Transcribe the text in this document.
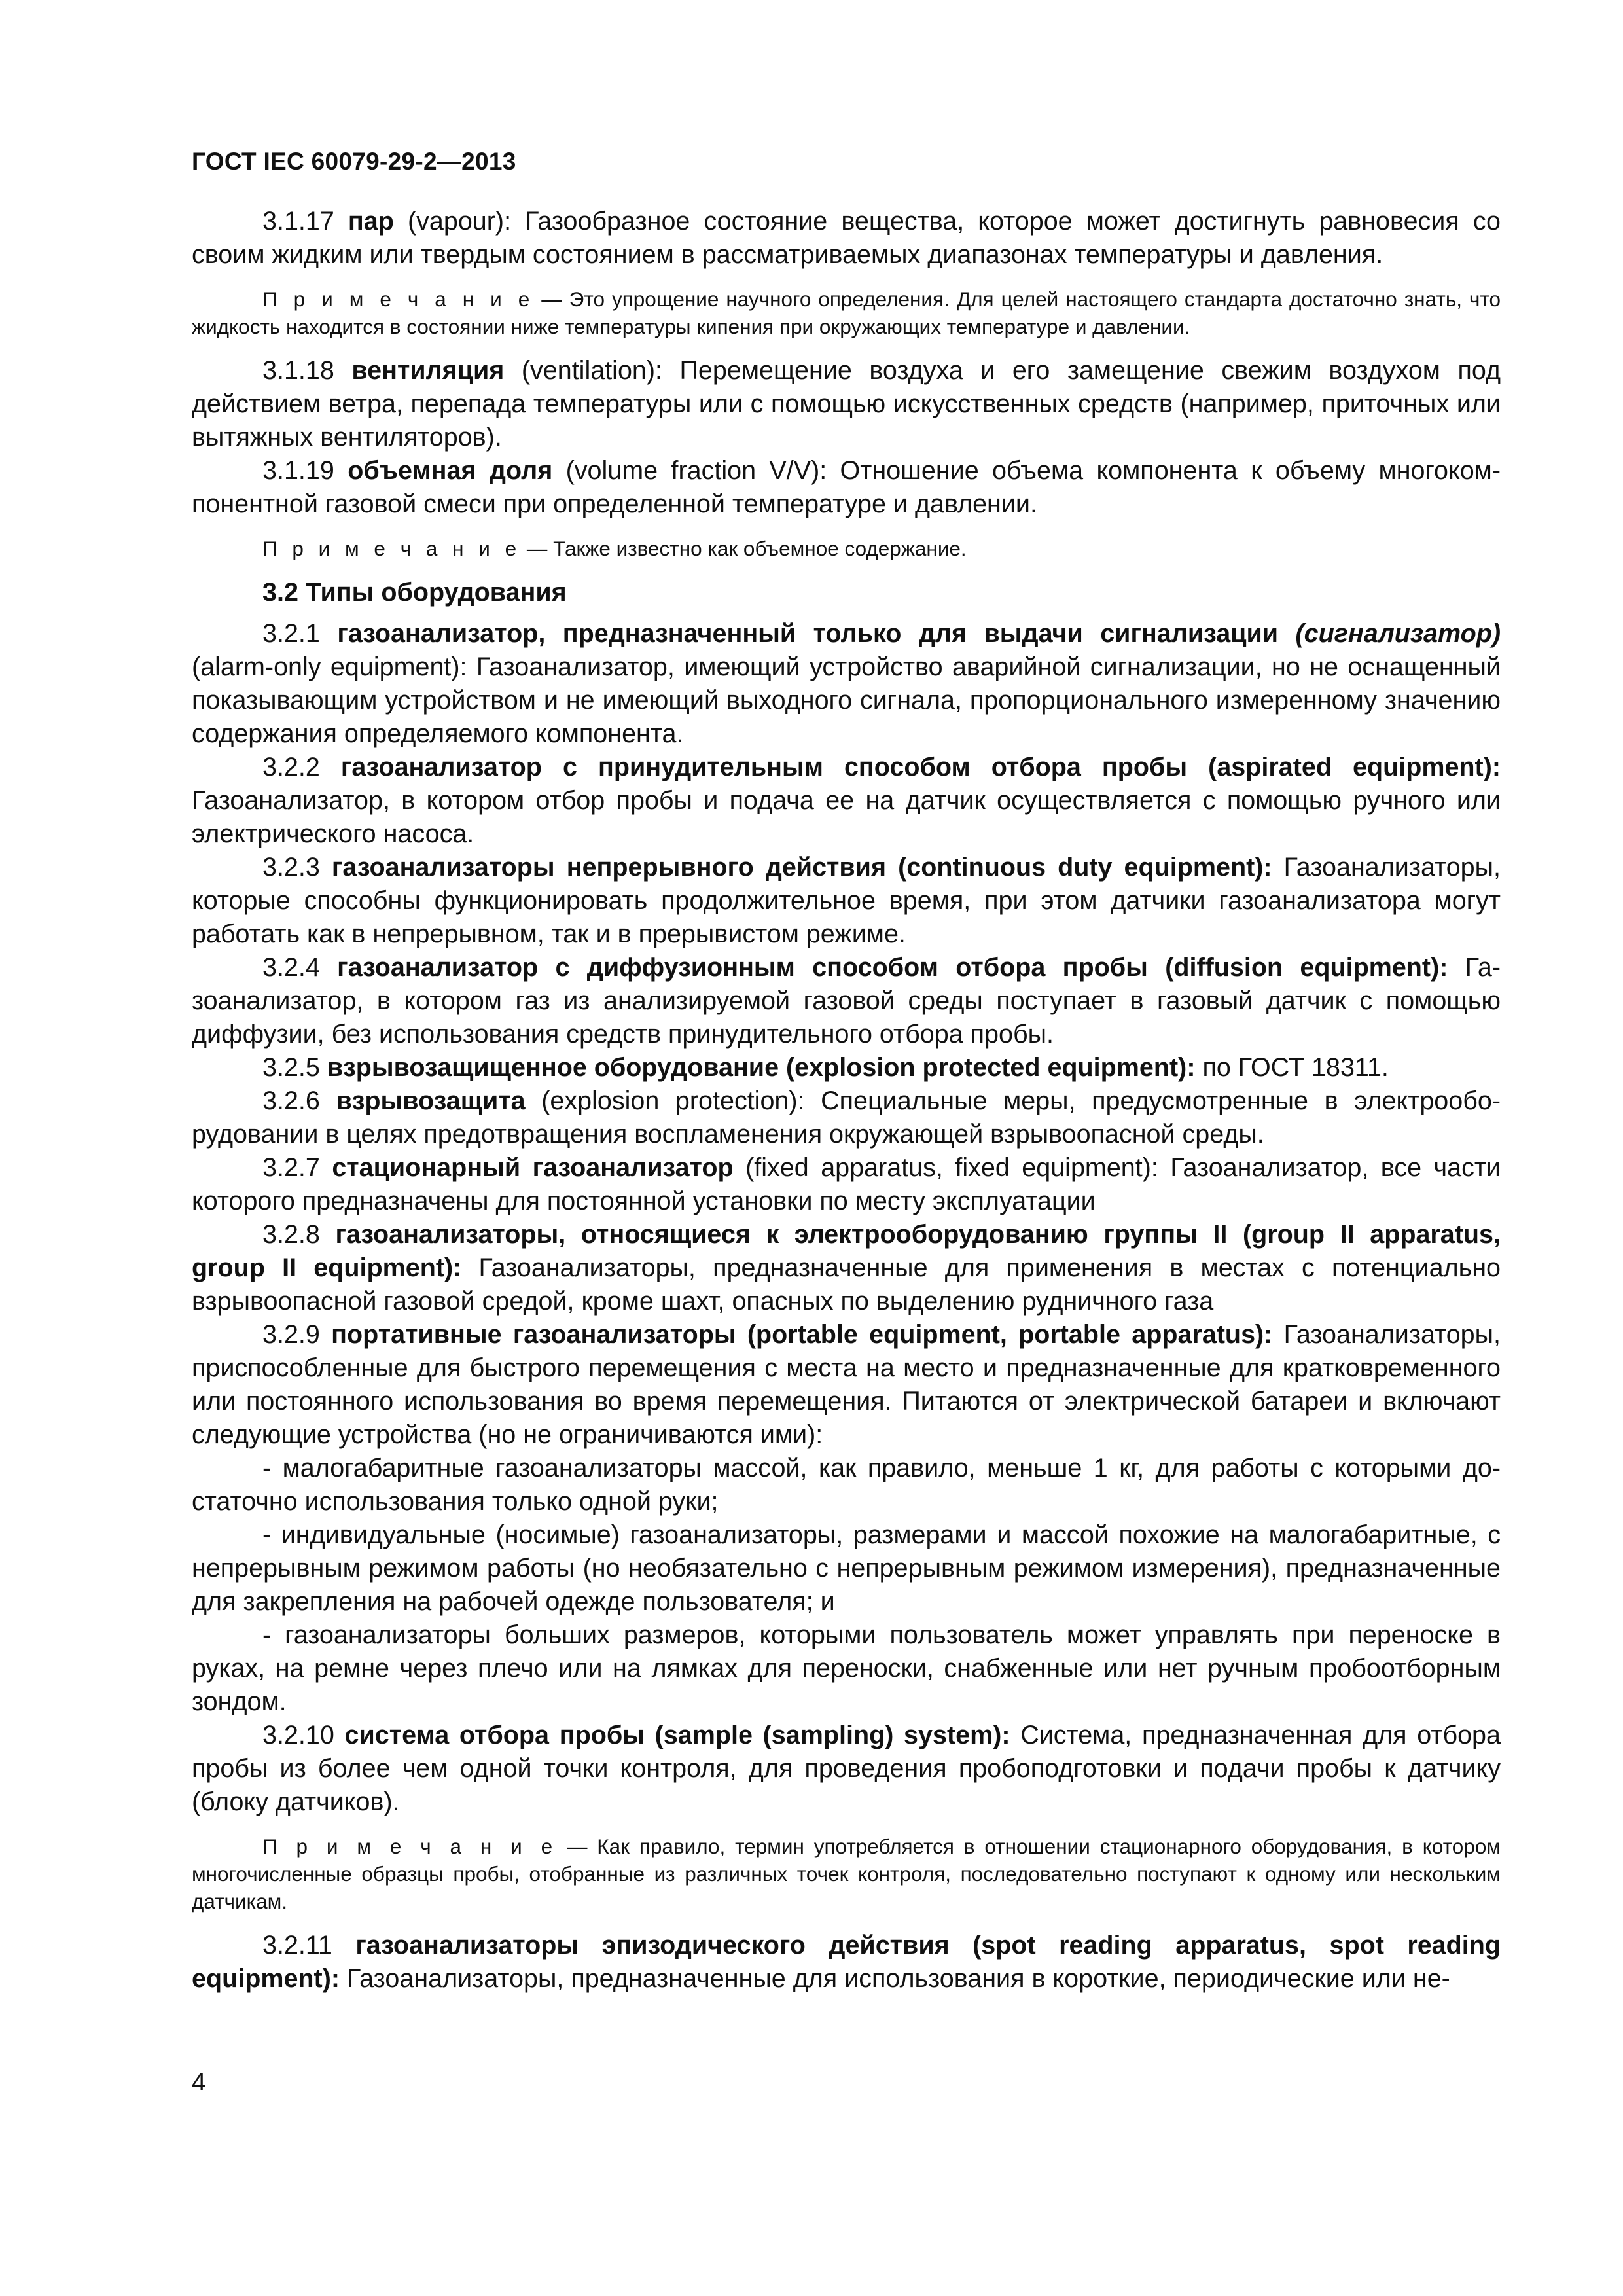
ГОСТ IEC 60079-29-2—2013

3.1.17 пар (vapour): Газообразное состояние вещества, которое может достигнуть равновесия со своим жидким или твердым состоянием в рассматриваемых диапазонах температуры и давления.

П р и м е ч а н и е — Это упрощение научного определения. Для целей настоящего стандарта достаточно знать, что жидкость находится в состоянии ниже температуры кипения при окружающих температуре и давлении.

3.1.18 вентиляция (ventilation): Перемещение воздуха и его замещение свежим воздухом под действием ветра, перепада температуры или с помощью искусственных средств (например, приточных или вытяжных вентиляторов).

3.1.19 объемная доля (volume fraction V/V): Отношение объема компонента к объему многокомпонентной газовой смеси при определенной температуре и давлении.

П р и м е ч а н и е — Также известно как объемное содержание.

3.2 Типы оборудования

3.2.1 газоанализатор, предназначенный только для выдачи сигнализации (сигнализатор) (alarm-only equipment): Газоанализатор, имеющий устройство аварийной сигнализации, но не оснащенный показывающим устройством и не имеющий выходного сигнала, пропорционального измеренному значению содержания определяемого компонента.

3.2.2 газоанализатор с принудительным способом отбора пробы (aspirated equipment): Газоанализатор, в котором отбор пробы и подача ее на датчик осуществляется с помощью ручного или электрического насоса.

3.2.3 газоанализаторы непрерывного действия (continuous duty equipment): Газоанализаторы, которые способны функционировать продолжительное время, при этом датчики газоанализатора могут работать как в непрерывном, так и в прерывистом режиме.

3.2.4 газоанализатор с диффузионным способом отбора пробы (diffusion equipment): Газоанализатор, в котором газ из анализируемой газовой среды поступает в газовый датчик с помощью диффузии, без использования средств принудительного отбора пробы.

3.2.5 взрывозащищенное оборудование (explosion protected equipment): по ГОСТ 18311.

3.2.6 взрывозащита (explosion protection): Специальные меры, предусмотренные в электрооборудовании в целях предотвращения воспламенения окружающей взрывоопасной среды.

3.2.7 стационарный газоанализатор (fixed apparatus, fixed equipment): Газоанализатор, все части которого предназначены для постоянной установки по месту эксплуатации

3.2.8 газоанализаторы, относящиеся к электрооборудованию группы II (group II apparatus, group II equipment): Газоанализаторы, предназначенные для применения в местах с потенциально взрывоопасной газовой средой, кроме шахт, опасных по выделению рудничного газа

3.2.9 портативные газоанализаторы (portable equipment, portable apparatus): Газоанализаторы, приспособленные для быстрого перемещения с места на место и предназначенные для кратковременного или постоянного использования во время перемещения. Питаются от электрической батареи и включают следующие устройства (но не ограничиваются ими):

- малогабаритные газоанализаторы массой, как правило, меньше 1 кг, для работы с которыми достаточно использования только одной руки;

- индивидуальные (носимые) газоанализаторы, размерами и массой похожие на малогабаритные, с непрерывным режимом работы (но необязательно с непрерывным режимом измерения), предназначенные для закрепления на рабочей одежде пользователя; и

- газоанализаторы больших размеров, которыми пользователь может управлять при переноске в руках, на ремне через плечо или на лямках для переноски, снабженные или нет ручным пробоотборным зондом.

3.2.10 система отбора пробы (sample (sampling) system): Система, предназначенная для отбора пробы из более чем одной точки контроля, для проведения пробоподготовки и подачи пробы к датчику (блоку датчиков).

П р и м е ч а н и е — Как правило, термин употребляется в отношении стационарного оборудования, в котором многочисленные образцы пробы, отобранные из различных точек контроля, последовательно поступают к одному или нескольким датчикам.

3.2.11 газоанализаторы эпизодического действия (spot reading apparatus, spot reading equipment): Газоанализаторы, предназначенные для использования в короткие, периодические или не-

4
